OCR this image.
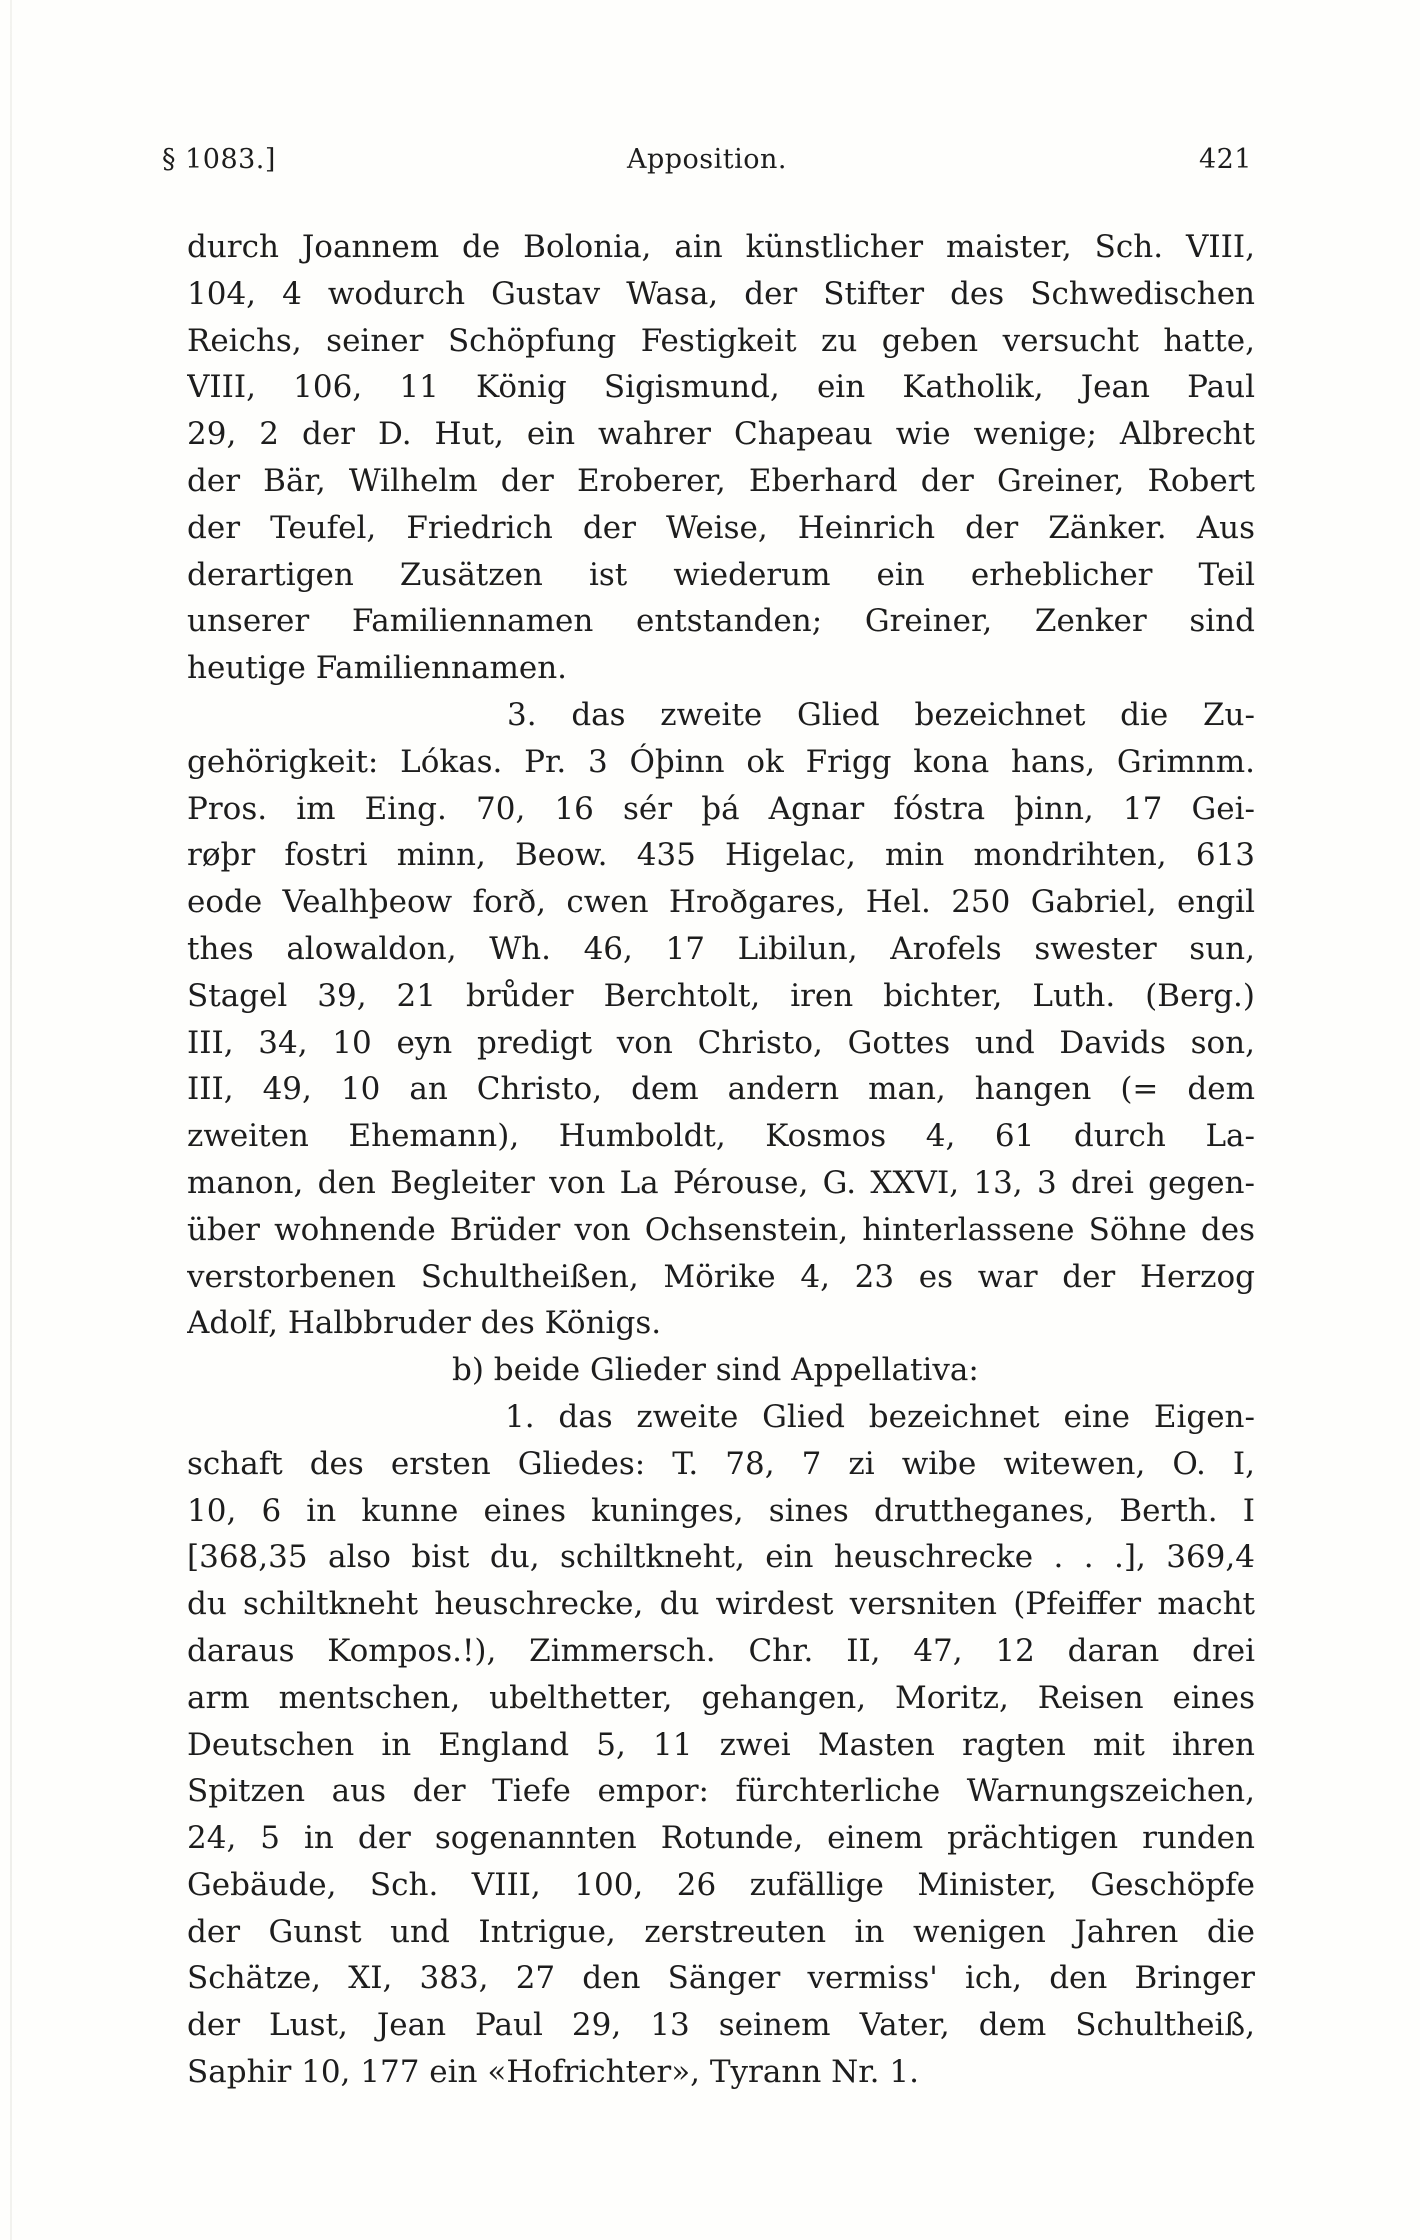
§ 1083.]	Apposition.	421
durch Joannem de Bolonia, ain künstlicher maister, Sch. VIII,
104, 4 wodurch Gustav Wasa, der Stifter des Schwedischen
Reichs, seiner Schöpfung Festigkeit zu geben versucht hatte,
VIII, 106, 11 König Sigismund, ein Katholik, Jean Paul
29, 2 der D. Hut, ein wahrer Chapeau wie wenige; Albrecht
der Bär, Wilhelm der Eroberer, Eberhard der Greiner, Robert
der Teufel, Friedrich der Weise, Heinrich der Zänker. Aus
derartigen Zusätzen ist wiederum ein erheblicher Teil
unserer Familiennamen entstanden; Greiner, Zenker sind
heutige Familiennamen.
3. das zweite Glied bezeichnet die Zu-
gehörigkeit: Lókas. Pr. 3 Óþinn ok Frigg kona hans, Grimnm.
Pros. im Eing. 70, 16 sér þá Agnar fóstra þinn, 17 Gei-
røþr fostri minn, Beow. 435 Higelac, min mondrihten, 613
eode Vealhþeow forð, cwen Hroðgares, Hel. 250 Gabriel, engil
thes alowaldon, Wh. 46, 17 Libilun, Arofels swester sun,
Stagel 39, 21 brůder Berchtolt, iren bichter, Luth. (Berg.)
III, 34, 10 eyn predigt von Christo, Gottes und Davids son,
III, 49, 10 an Christo, dem andern man, hangen (= dem
zweiten Ehemann), Humboldt, Kosmos 4, 61 durch La-
manon, den Begleiter von La Pérouse, G. XXVI, 13, 3 drei gegen-
über wohnende Brüder von Ochsenstein, hinterlassene Söhne des
verstorbenen Schultheißen, Mörike 4, 23 es war der Herzog
Adolf, Halbbruder des Königs.
b) beide Glieder sind Appellativa:
1. das zweite Glied bezeichnet eine Eigen-
schaft des ersten Gliedes: T. 78, 7 zi wibe witewen, O. I,
10, 6 in kunne eines kuninges, sines druttheganes, Berth. I
[368,35 also bist du, schiltkneht, ein heuschrecke . . .], 369,4
du schiltkneht heuschrecke, du wirdest versniten (Pfeiffer macht
daraus Kompos.!), Zimmersch. Chr. II, 47, 12 daran drei
arm mentschen, ubelthetter, gehangen, Moritz, Reisen eines
Deutschen in England 5, 11 zwei Masten ragten mit ihren
Spitzen aus der Tiefe empor: fürchterliche Warnungszeichen,
24, 5 in der sogenannten Rotunde, einem prächtigen runden
Gebäude, Sch. VIII, 100, 26 zufällige Minister, Geschöpfe
der Gunst und Intrigue, zerstreuten in wenigen Jahren die
Schätze, XI, 383, 27 den Sänger vermiss' ich, den Bringer
der Lust, Jean Paul 29, 13 seinem Vater, dem Schultheiß,
Saphir 10, 177 ein «Hofrichter», Tyrann Nr. 1.
